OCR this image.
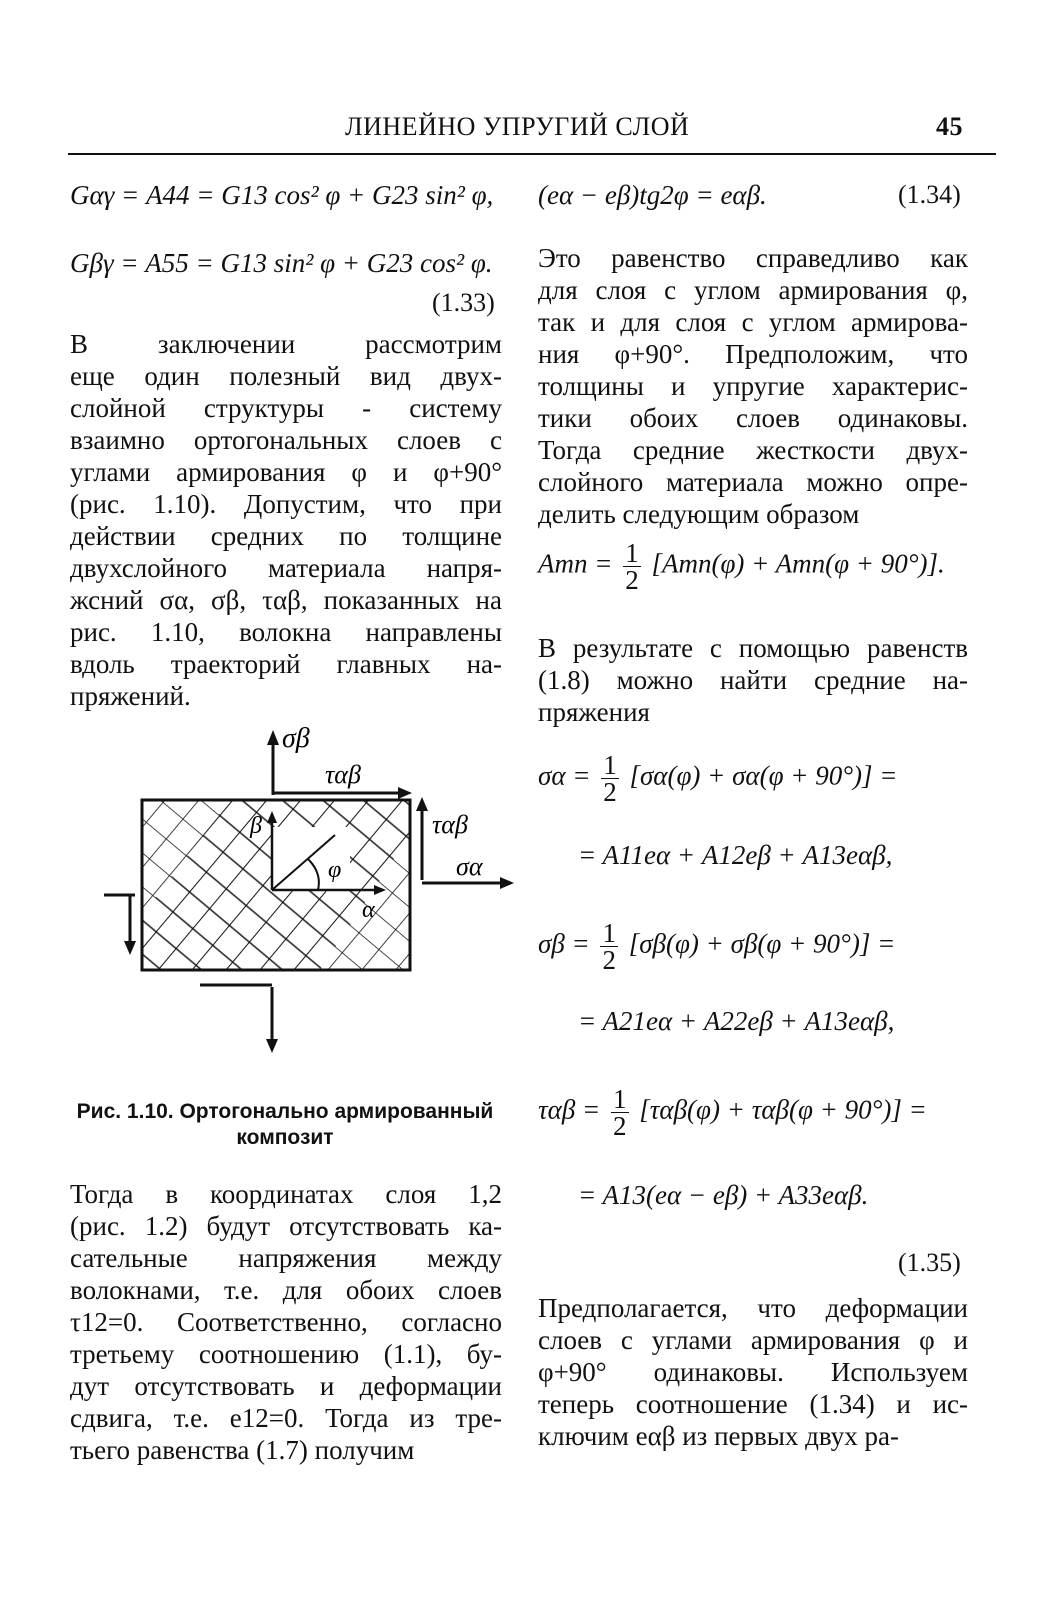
ЛИНЕЙНО УПРУГИЙ СЛОЙ	45
Gαγ = A44 = G13 cos² φ + G23 sin² φ,
Gβγ = A55 = G13 sin² φ + G23 cos² φ.
(1.33)
В заключении рассмотрим
еще один полезный вид двух-
слойной структуры - систему
взаимно ортогональных слоев с
углами армирования φ и φ+90°
(рис. 1.10). Допустим, что при
действии средних по толщине
двухслойного материала напря-
жсний σα, σβ, ταβ, показанных на
рис. 1.10, волокна направлены
вдоль траекторий главных на-
пряжений.
σβ
ταβ
β
φ
α
ταβ
σα
Рис. 1.10. Ортогонально армированный
композит
Тогда в координатах слоя 1,2
(рис. 1.2) будут отсутствовать ка-
сательные напряжения между
волокнами, т.е. для обоих слоев
τ12=0. Соответственно, согласно
третьему соотношению (1.1), бу-
дут отсутствовать и деформации
сдвига, т.е. e12=0. Тогда из тре-
тьего равенства (1.7) получим
(eα − eβ)tg2φ = eαβ.	(1.34)
Это равенство справедливо как
для слоя с углом армирования φ,
так и для слоя с углом армирова-
ния φ+90°. Предположим, что
толщины и упругие характерис-
тики обоих слоев одинаковы.
Тогда средние жесткости двух-
слойного материала можно опре-
делить следующим образом
Amn = $\frac{1}{2} [Amn(\varphi) + Amn(\varphi + 90^\circ)]$.
В результате с помощью равенств
(1.8) можно найти средние на-
пряжения
$\sigma\alpha = \frac{1}{2} [\sigma\alpha(\varphi) + \sigma\alpha(\varphi + 90^\circ)]$ =
= A11eα + A12eβ + A13eαβ,
$\sigma\beta = \frac{1}{2} [\sigma\beta(\varphi) + \sigma\beta(\varphi + 90^\circ)]$ =
= A21eα + A22eβ + A13eαβ,
$\tau\alpha\beta = \frac{1}{2} [\tau\alpha\beta(\varphi) + \tau\alpha\beta(\varphi + 90^\circ)]$ =
= A13(eα − eβ) + A33eαβ.
(1.35)
Предполагается, что деформации
слоев с углами армирования φ и
φ+90° одинаковы. Используем
теперь соотношение (1.34) и ис-
ключим eαβ из первых двух ра-
